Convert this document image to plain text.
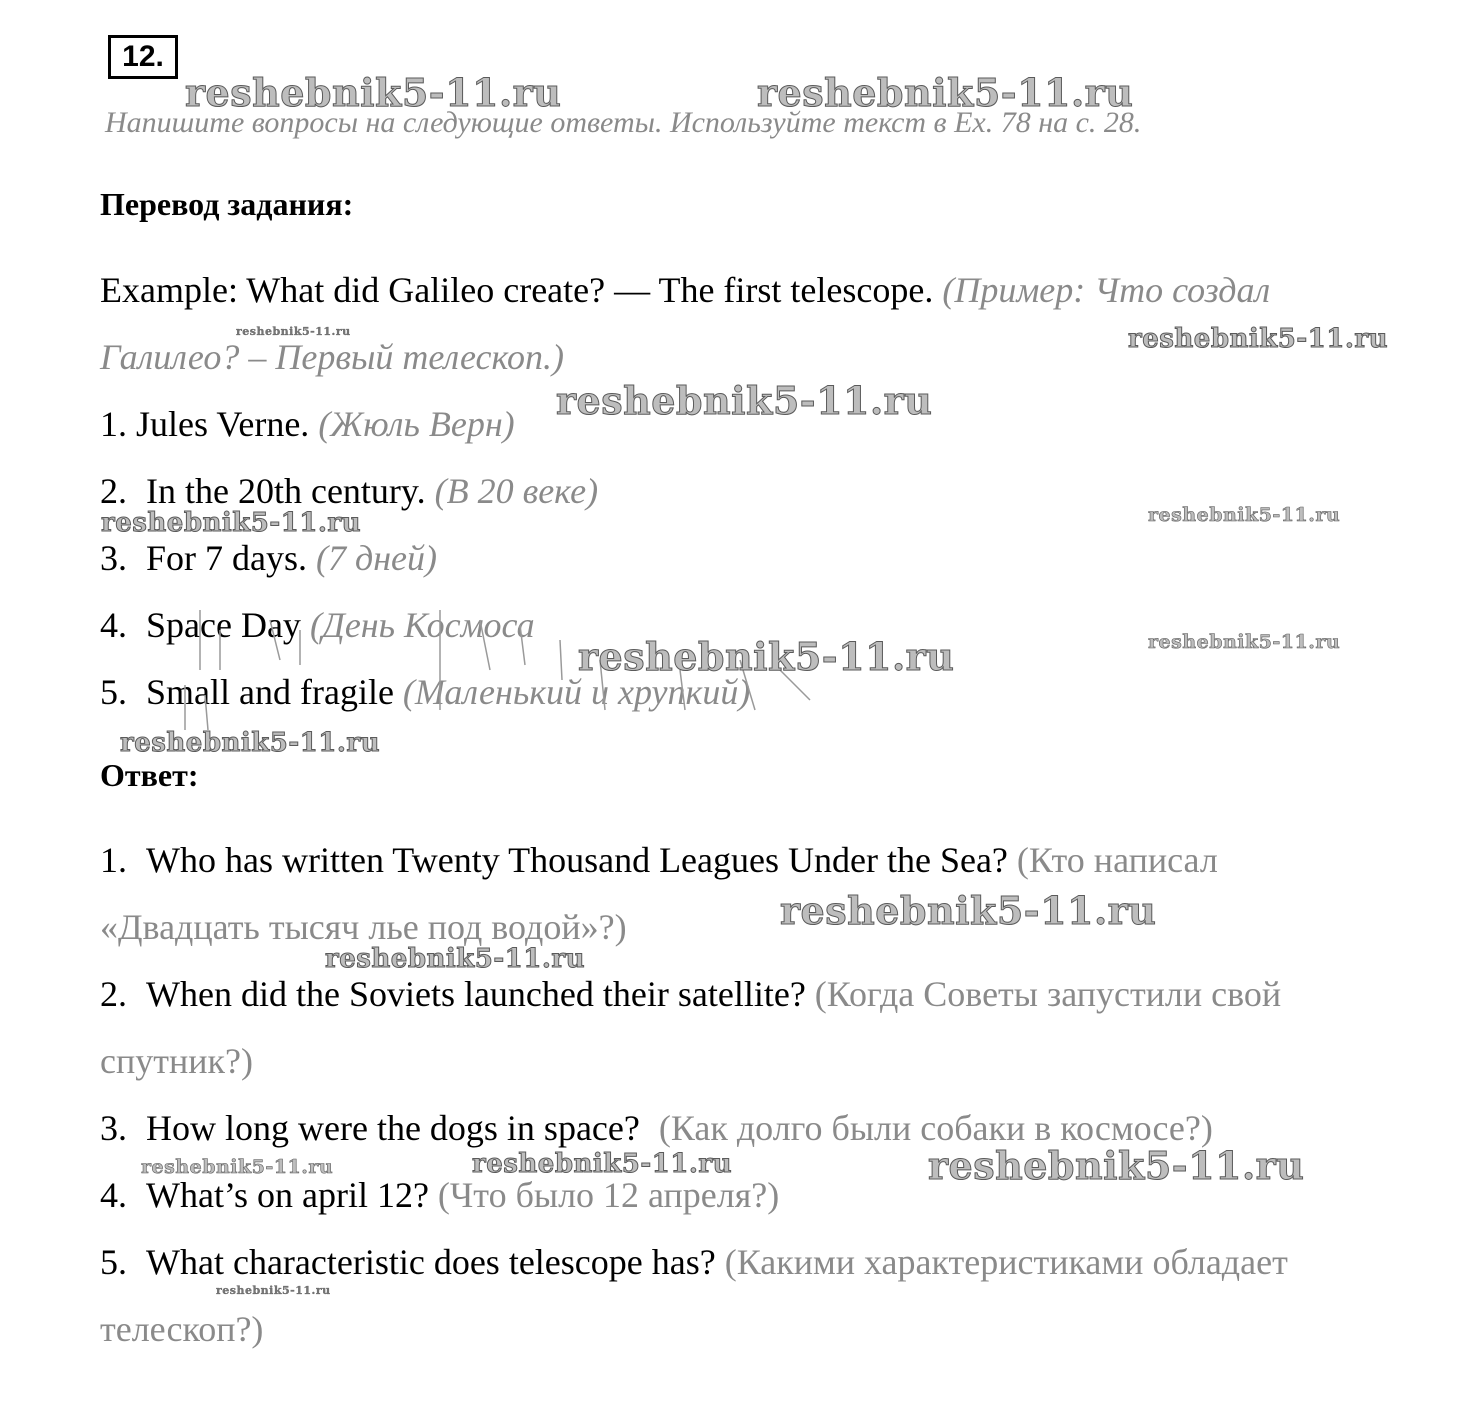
12.
Напишите вопросы на следующие ответы. Используйте текст в Ex. 78 на с. 28.
Перевод задания:
Example: What did Galileo create? — The first telescope. (Пример: Что создал
Галилео? – Первый телескоп.)
1. Jules Verne. (Жюль Верн)
2. In the 20th century. (В 20 веке)
3. For 7 days. (7 дней)
4. Space Day (День Космоса
5. Small and fragile (Маленький и хрупкий)
Ответ:
1. Who has written Twenty Thousand Leagues Under the Sea? (Кто написал
«Двадцать тысяч лье под водой»?)
2. When did the Soviets launched their satellite? (Когда Советы запустили свой
спутник?)
3. How long were the dogs in space? (Как долго были собаки в космосе?)
4. What’s on april 12? (Что было 12 апреля?)
5. What characteristic does telescope has? (Какими характеристиками обладает
телескоп?)
reshebnik5-11.ru	reshebnik5-11.ru
reshebnik5-11.ru	reshebnik5-11.ru
reshebnik5-11.ru
reshebnik5-11.ru	reshebnik5-11.ru
reshebnik5-11.ru	reshebnik5-11.ru
reshebnik5-11.ru
reshebnik5-11.ru
reshebnik5-11.ru
reshebnik5-11.ru	reshebnik5-11.ru	reshebnik5-11.ru
reshebnik5-11.ru
